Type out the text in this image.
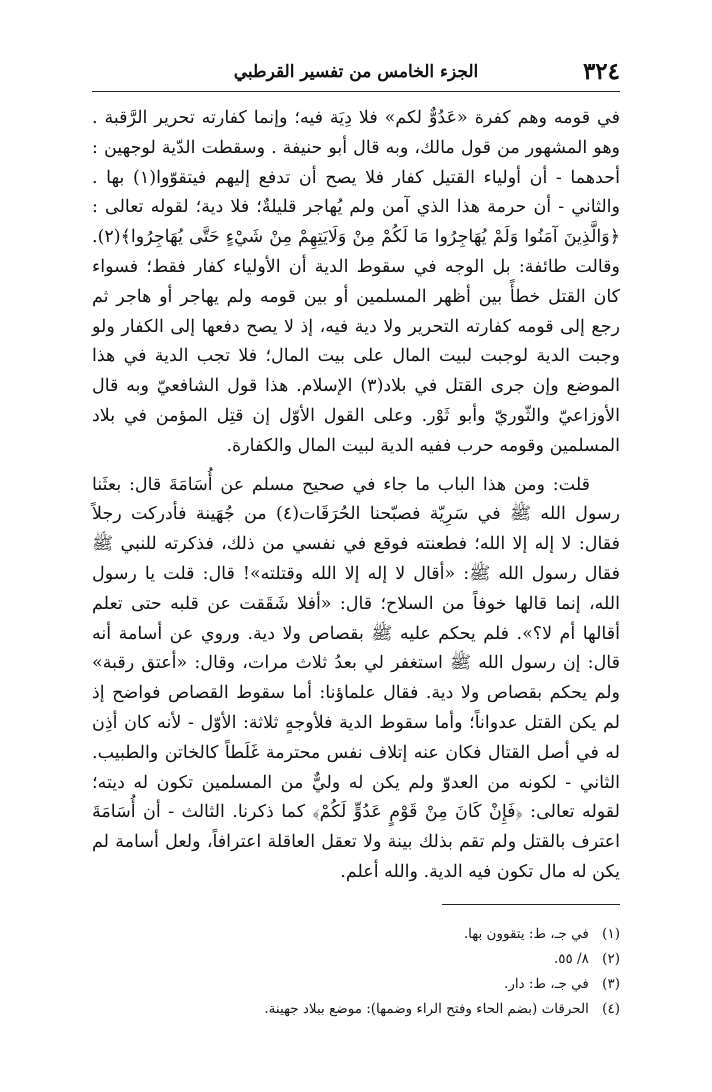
٣٢٤
الجزء الخامس من تفسير القرطبي

في قومه وهم كفرة «عَدُوٌّ لكم» فلا دِيَة فيه؛ وإنما كفارته تحرير الرَّقبة . وهو المشهور من قول مالك، وبه قال أبو حنيفة . وسقطت الدّية لوجهين : أحدهما - أن أولياء القتيل كفار فلا يصح أن تدفع إليهم فيتقوّوا(١) بها . والثاني - أن حرمة هذا الذي آمن ولم يُهاجر قليلةٌ؛ فلا دية؛ لقوله تعالى : ﴿وَالَّذِينَ آمَنُوا وَلَمْ يُهَاجِرُوا مَا لَكُمْ مِنْ وَلَايَتِهِمْ مِنْ شَيْءٍ حَتَّى يُهَاجِرُوا﴾(٢). وقالت طائفة: بل الوجه في سقوط الدية أن الأولياء كفار فقط؛ فسواء كان القتل خطأً بين أظهر المسلمين أو بين قومه ولم يهاجر أو هاجر ثم رجع إلى قومه كفارته التحرير ولا دية فيه، إذ لا يصح دفعها إلى الكفار ولو وجبت الدية لوجبت لبيت المال على بيت المال؛ فلا تجب الدية في هذا الموضع وإن جرى القتل في بلاد(٣) الإسلام. هذا قول الشافعيّ وبه قال الأوزاعيّ والثّوريّ وأبو ثَوْر. وعلى القول الأوّل إن قتِل المؤمن في بلاد المسلمين وقومه حرب ففيه الدية لبيت المال والكفارة.

قلت: ومن هذا الباب ما جاء في صحيح مسلم عن أُسَامَةَ قال: بعثَنا رسول الله ﷺ في سَرِيّة فصبّحنا الحُرَقَات(٤) من جُهَينة فأدركت رجلاً فقال: لا إله إلا الله؛ فطعنته فوقع في نفسي من ذلك، فذكرته للنبي ﷺ فقال رسول الله ﷺ: «أقال لا إله إلا الله وقتلته»! قال: قلت يا رسول الله، إنما قالها خوفاً من السلاح؛ قال: «أفلا شَقَقت عن قلبه حتى تعلم أقالها أم لا؟». فلم يحكم عليه ﷺ بقصاص ولا دية. وروي عن أسامة أنه قال: إن رسول الله ﷺ استغفر لي بعدُ ثلاث مرات، وقال: «أعتق رقبة» ولم يحكم بقصاص ولا دية. فقال علماؤنا: أما سقوط القصاص فواضح إذ لم يكن القتل عدواناً؛ وأما سقوط الدية فلأوجهٍ ثلاثة: الأوّل - لأنه كان أذِن له في أصل القتال فكان عنه إتلاف نفس محترمة غَلَطاً كالخاتن والطبيب. الثاني - لكونه من العدوّ ولم يكن له وليٌّ من المسلمين تكون له ديته؛ لقوله تعالى: ﴿فَإِنْ كَانَ مِنْ قَوْمٍ عَدُوٍّ لَكُمْ﴾ كما ذكرنا. الثالث - أن أُسَامَةَ اعترف بالقتل ولم تقم بذلك بينة ولا تعقل العاقلة اعترافاً، ولعل أسامة لم يكن له مال تكون فيه الدية. والله أعلم.

(١) في جـ، ط: يتقوون بها.
(٢) ٨/ ٥٥.
(٣) في جـ، ط: دار.
(٤) الحرقات (بضم الحاء وفتح الراء وضمها): موضع ببلاد جهينة.
